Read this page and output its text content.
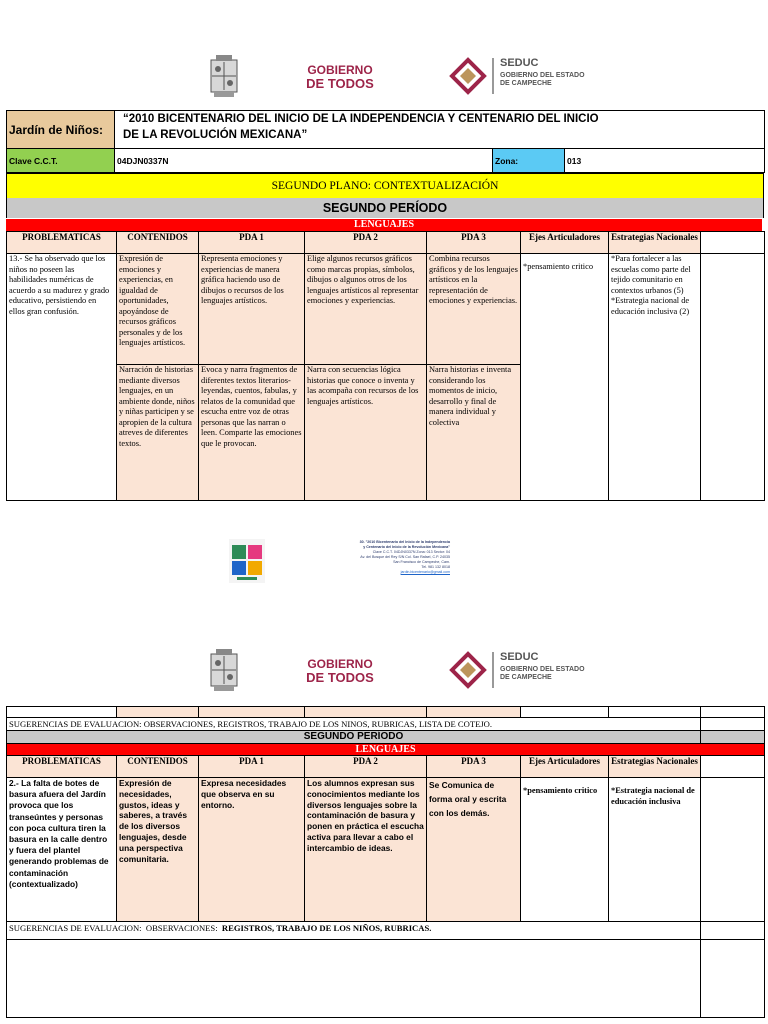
GOBIERNO
DE TODOS
SEDUC
GOBIERNO DEL ESTADO
DE CAMPECHE
Jardín de Niños:	“2010 BICENTENARIO DEL INICIO DE LA INDEPENDENCIA Y CENTENARIO DEL INICIO
DE LA REVOLUCIÓN MEXICANA”		

Clave C.C.T.	04DJN0337N	Zona:	013
SEGUNDO PLANO: CONTEXTUALIZACIÓN
SEGUNDO PERÍODO
LENGUAJES
PROBLEMATICAS	CONTENIDOS	PDA 1	PDA 2	PDA 3	Ejes Articuladores	Estrategias Nacionales	
13.- Se ha observado que los niños no poseen las habilidades numéricas de acuerdo a su madurez y grado educativo, persistiendo en ellos gran confusión.	Expresión de emociones y experiencias, en igualdad de oportunidades, apoyándose de recursos gráficos personales y de los lenguajes artísticos.	Representa emociones y experiencias de manera gráfica haciendo uso de dibujos o recursos de los lenguajes artísticos.	Elige algunos recursos gráficos como marcas propias, símbolos, dibujos o algunos otros de los lenguajes artísticos al representar emociones y experiencias.	Combina recursos gráficos y de los lenguajes artísticos en la representación de emociones y experiencias.	*pensamiento critico	*Para fortalecer a las escuelas como parte del tejido comunitario en contextos urbanos (5)
*Estrategia nacional de educación inclusiva (2)	
	Narración de historias mediante diversos lenguajes, en un ambiente donde, niños y niñas participen y se apropien de la cultura atreves de diferentes textos.	Evoca y narra fragmentos de diferentes textos literarios-leyendas, cuentos, fabulas, y relatos de la comunidad que escucha entre voz de otras personas que las narran o leen. Comparte las emociones que le provocan.	Narra con secuencias lógica historias que conoce o inventa y las acompaña con recursos de los lenguajes artísticos.	Narra historias e inventa considerando los momentos de inicio, desarrollo y final de manera individual y colectiva			
30. "2010 Bicentenario del Inicio de la Independencia
y Centenario del Inicio de la Revolución Mexicana"
Clave C.C.T. 04DJN0337N Zona: 013 Sector: 04
Av. del Bosque del Rey S/N Col. San Rafael, C.P. 24035
San Francisco de Campeche, Cam.
Tel. 981 132 8018
jardin.bicentenario@gmail.com
GOBIERNO
DE TODOS
SEDUC
GOBIERNO DEL ESTADO
DE CAMPECHE

SUGERENCIAS DE EVALUACION: OBSERVACIONES, REGISTROS, TRABAJO DE LOS NINOS, RUBRICAS, LISTA DE COTEJO.							
SEGUNDO PERÍODO							
LENGUAJES							
PROBLEMATICAS	CONTENIDOS	PDA 1	PDA 2	PDA 3	Ejes Articuladores	Estrategias Nacionales	
2.- La falta de botes de basura afuera del Jardín provoca que los transeúntes y personas con poca cultura tiren la basura en la calle dentro y fuera del plantel generando problemas de contaminación (contextualizado)	Expresión de necesidades, gustos, ideas y saberes, a través de los diversos lenguajes, desde una perspectiva comunitaria.	Expresa necesidades que observa en su entorno.	Los alumnos expresan sus conocimientos mediante los diversos lenguajes sobre la contaminación de basura y ponen en práctica el escucha activa para llevar a cabo el intercambio de ideas.	Se Comunica de forma oral y escrita con los demás.	*pensamiento critico	*Estrategia nacional de educación inclusiva	
SUGERENCIAS DE EVALUACION:  OBSERVACIONES:  REGISTROS, TRABAJO DE LOS NIÑOS, RUBRICAS.							
